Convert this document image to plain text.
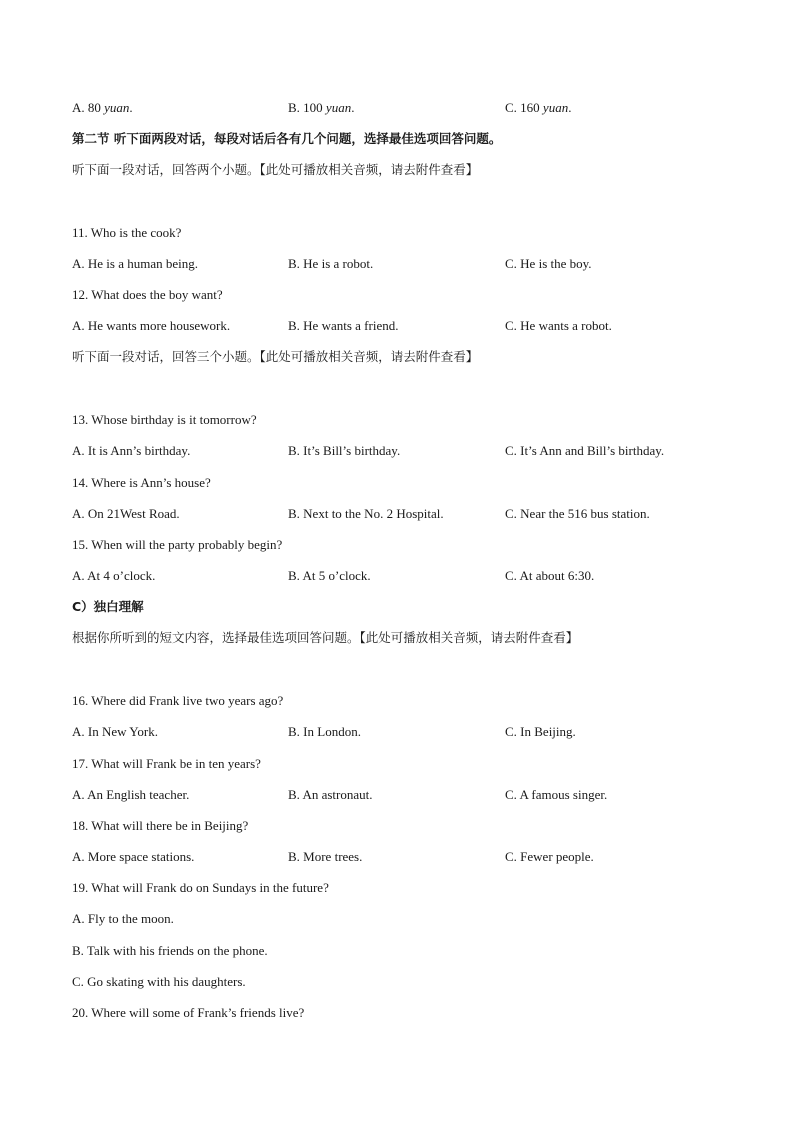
A. 80 yuan.	B. 100 yuan.	C. 160 yuan.
第二节 听下面两段对话，每段对话后各有几个问题，选择最佳选项回答问题。
听下面一段对话，回答两个小题。【此处可播放相关音频，请去附件查看】
11. Who is the cook?
A. He is a human being.	B. He is a robot.	C. He is the boy.
12. What does the boy want?
A. He wants more housework.	B. He wants a friend.	C. He wants a robot.
听下面一段对话，回答三个小题。【此处可播放相关音频，请去附件查看】
13. Whose birthday is it tomorrow?
A. It is Ann’s birthday.	B. It’s Bill’s birthday.	C. It’s Ann and Bill’s birthday.
14. Where is Ann’s house?
A. On 21West Road.	B. Next to the No. 2 Hospital.	C. Near the 516 bus station.
15. When will the party probably begin?
A. At 4 o’clock.	B. At 5 o’clock.	C. At about 6:30.
C）独白理解
根据你所听到的短文内容，选择最佳选项回答问题。【此处可播放相关音频，请去附件查看】
16. Where did Frank live two years ago?
A. In New York.	B. In London.	C. In Beijing.
17. What will Frank be in ten years?
A. An English teacher.	B. An astronaut.	C. A famous singer.
18. What will there be in Beijing?
A. More space stations.	B. More trees.	C. Fewer people.
19. What will Frank do on Sundays in the future?
A. Fly to the moon.
B. Talk with his friends on the phone.
C. Go skating with his daughters.
20. Where will some of Frank’s friends live?
